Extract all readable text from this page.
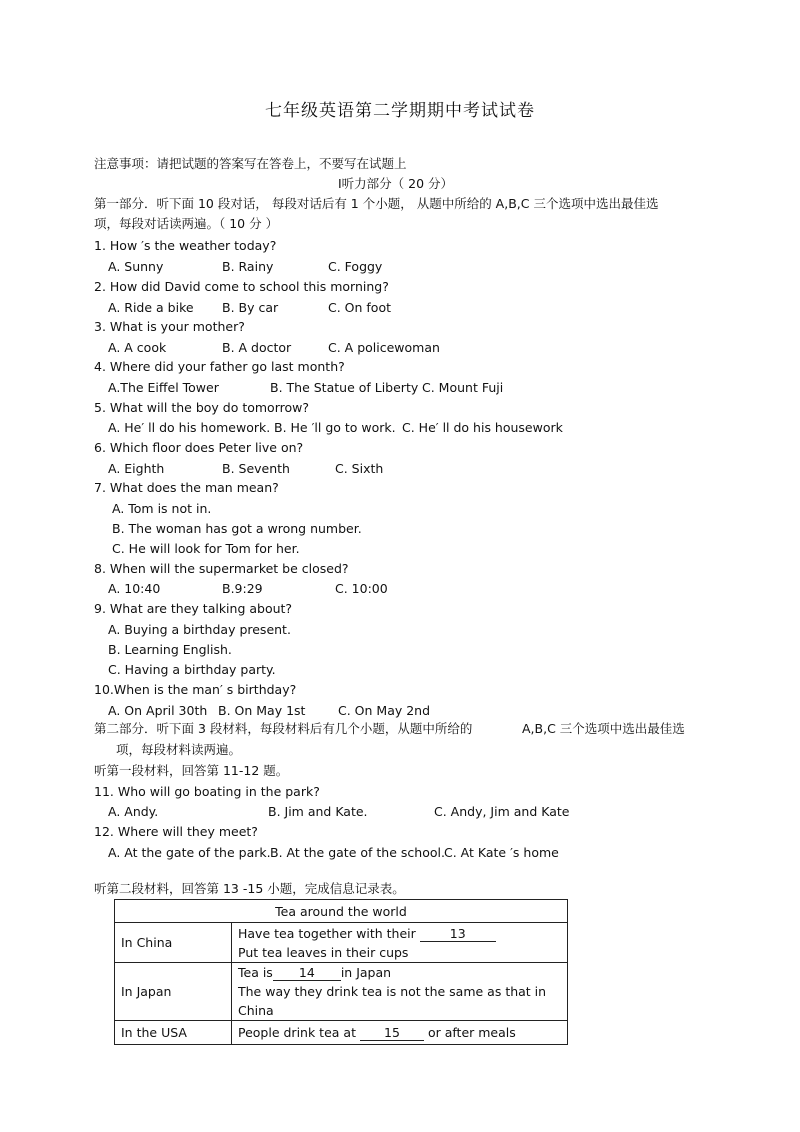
七年级英语第二学期期中考试试卷
注意事项：请把试题的答案写在答卷上，不要写在试题上
Ⅰ听力部分（ 20 分）
第一部分．听下面 10 段对话， 每段对话后有 1 个小题， 从题中所给的 A,B,C 三个选项中选出最佳选
项，每段对话读两遍。（ 10 分 ）
1. How ′s the weather today?
A. Sunny	B. Rainy	C. Foggy
2. How did David come to school this morning?
A. Ride a bike B. By car	C. On foot
3. What is your mother?
A. A cook	B. A doctor	C. A policewoman
4. Where did your father go last month?
A.The Eiffel Tower	B. The Statue of Liberty C. Mount Fuji
5. What will the boy do tomorrow?
A. He′ ll do his homework. B. He ′ll go to work. C. He′ ll do his housework
6. Which floor does Peter live on?
A. Eighth	B. Seventh	C. Sixth
7. What does the man mean?
A. Tom is not in.
B. The woman has got a wrong number.
C. He will look for Tom for her.
8. When will the supermarket be closed?
A. 10:40	B.9:29	C. 10:00
9. What are they talking about?
A. Buying a birthday present.
B. Learning English.
C. Having a birthday party.
10.When is the man′ s birthday?
A. On April 30th B. On May 1st	C. On May 2nd
第二部分．听下面 3 段材料，每段材料后有几个小题，从题中所给的	A,B,C 三个选项中选出最佳选
项，每段材料读两遍。
听第一段材料，回答第 11-12 题。
11. Who will go boating in the park?
A. Andy.	B. Jim and Kate.	C. Andy, Jim and Kate
12. Where will they meet?
A. At the gate of the park. B. At the gate of the school. C. At Kate ′s home
听第二段材料，回答第 13 -15 小题，完成信息记录表。
Tea around the world	
In China	Have tea together with their 13
Put tea leaves in their cups

In Japan	Tea is 14 in Japan
The way they drink tea is not the same as that in China

In the USA	People drink tea at 15 or after meals
